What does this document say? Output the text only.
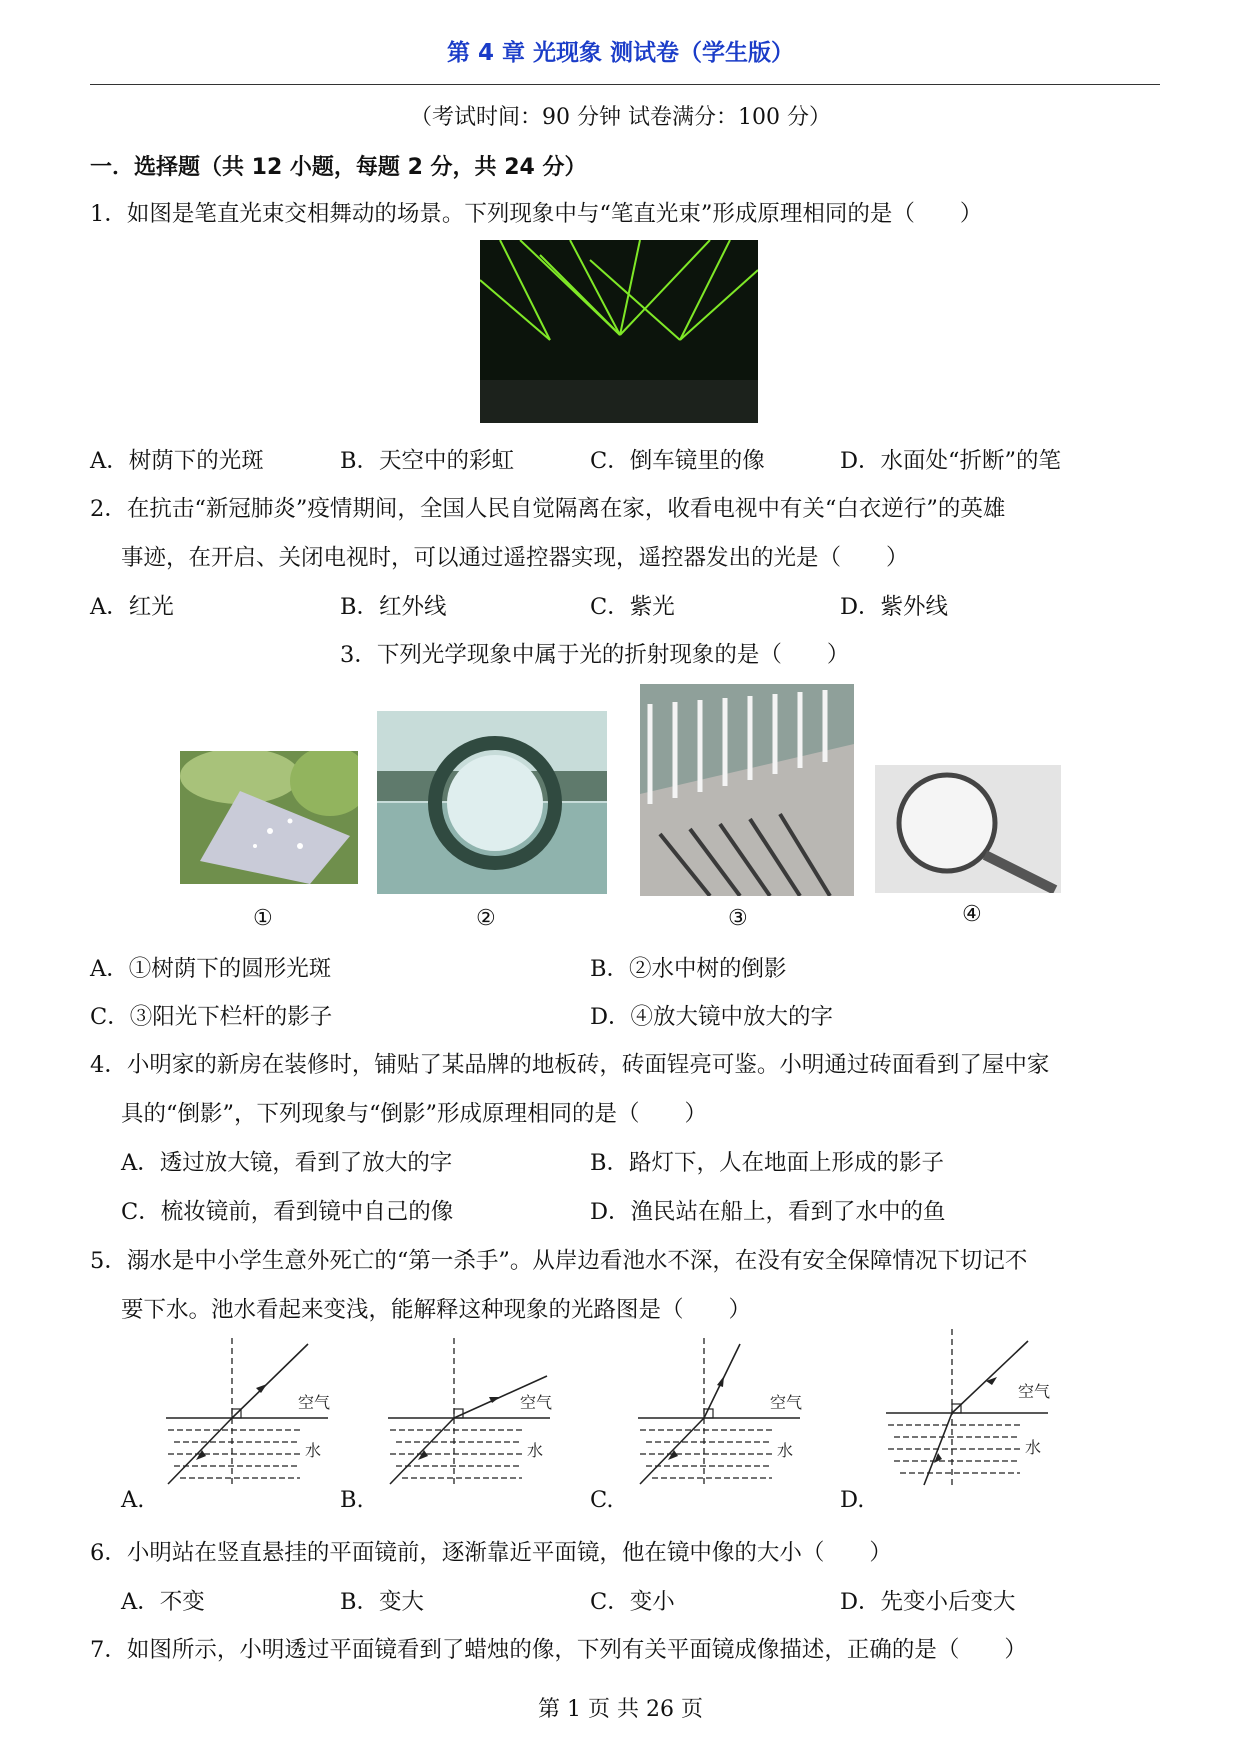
第 4 章 光现象 测试卷（学生版）
（考试时间：90 分钟 试卷满分：100 分）
一．选择题（共 12 小题，每题 2 分，共 24 分）
1．如图是笔直光束交相舞动的场景。下列现象中与“笔直光束”形成原理相同的是（　　）
A．树荫下的光斑	B．天空中的彩虹	C．倒车镜里的像	D．水面处“折断”的笔
2．在抗击“新冠肺炎”疫情期间，全国人民自觉隔离在家，收看电视中有关“白衣逆行”的英雄
事迹，在开启、关闭电视时，可以通过遥控器实现，遥控器发出的光是（　　）
A．红光	B．红外线	C．紫光	D．紫外线
3．下列光学现象中属于光的折射现象的是（　　）
①	②	③	④
A．①树荫下的圆形光斑	B．②水中树的倒影
C．③阳光下栏杆的影子	D．④放大镜中放大的字
4．小明家的新房在装修时，铺贴了某品牌的地板砖，砖面锃亮可鉴。小明通过砖面看到了屋中家
具的“倒影”，下列现象与“倒影”形成原理相同的是（　　）
A．透过放大镜，看到了放大的字	B．路灯下，人在地面上形成的影子
C．梳妆镜前，看到镜中自己的像	D．渔民站在船上，看到了水中的鱼
5．溺水是中小学生意外死亡的“第一杀手”。从岸边看池水不深，在没有安全保障情况下切记不
要下水。池水看起来变浅，能解释这种现象的光路图是（　　）
空气
水
空气
水
空气
水
空气
水
A.	B.	C.	D.
6．小明站在竖直悬挂的平面镜前，逐渐靠近平面镜，他在镜中像的大小（　　）
A．不变	B．变大	C．变小	D．先变小后变大
7．如图所示，小明透过平面镜看到了蜡烛的像，下列有关平面镜成像描述，正确的是（　　）
第 1 页 共 26 页
